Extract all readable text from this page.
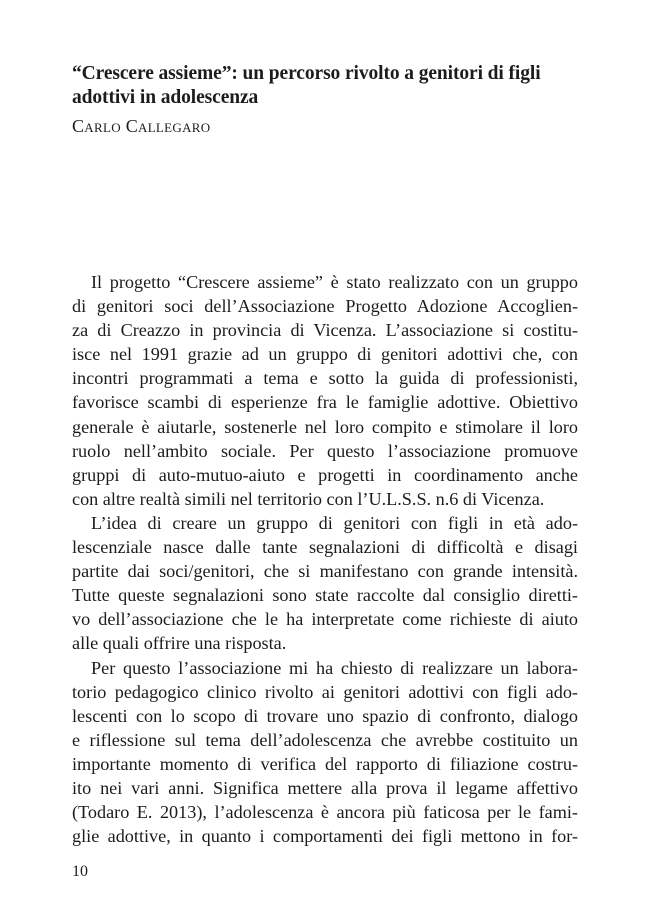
“Crescere assieme”: un percorso rivolto a genitori di figli
adottivi in adolescenza

Carlo Callegaro

Il progetto “Crescere assieme” è stato realizzato con un gruppo
di genitori soci dell’Associazione Progetto Adozione Accoglien-
za di Creazzo in provincia di Vicenza. L’associazione si costitu-
isce nel 1991 grazie ad un gruppo di genitori adottivi che, con
incontri programmati a tema e sotto la guida di professionisti,
favorisce scambi di esperienze fra le famiglie adottive. Obiettivo
generale è aiutarle, sostenerle nel loro compito e stimolare il loro
ruolo nell’ambito sociale. Per questo l’associazione promuove
gruppi di auto-mutuo-aiuto e progetti in coordinamento anche
con altre realtà simili nel territorio con l’U.L.S.S. n.6 di Vicenza.
L’idea di creare un gruppo di genitori con figli in età ado-
lescenziale nasce dalle tante segnalazioni di difficoltà e disagi
partite dai soci/genitori, che si manifestano con grande intensità.
Tutte queste segnalazioni sono state raccolte dal consiglio diretti-
vo dell’associazione che le ha interpretate come richieste di aiuto
alle quali offrire una risposta.
Per questo l’associazione mi ha chiesto di realizzare un labora-
torio pedagogico clinico rivolto ai genitori adottivi con figli ado-
lescenti con lo scopo di trovare uno spazio di confronto, dialogo
e riflessione sul tema dell’adolescenza che avrebbe costituito un
importante momento di verifica del rapporto di filiazione costru-
ito nei vari anni. Significa mettere alla prova il legame affettivo
(Todaro E. 2013), l’adolescenza è ancora più faticosa per le fami-
glie adottive, in quanto i comportamenti dei figli mettono in for-

10
